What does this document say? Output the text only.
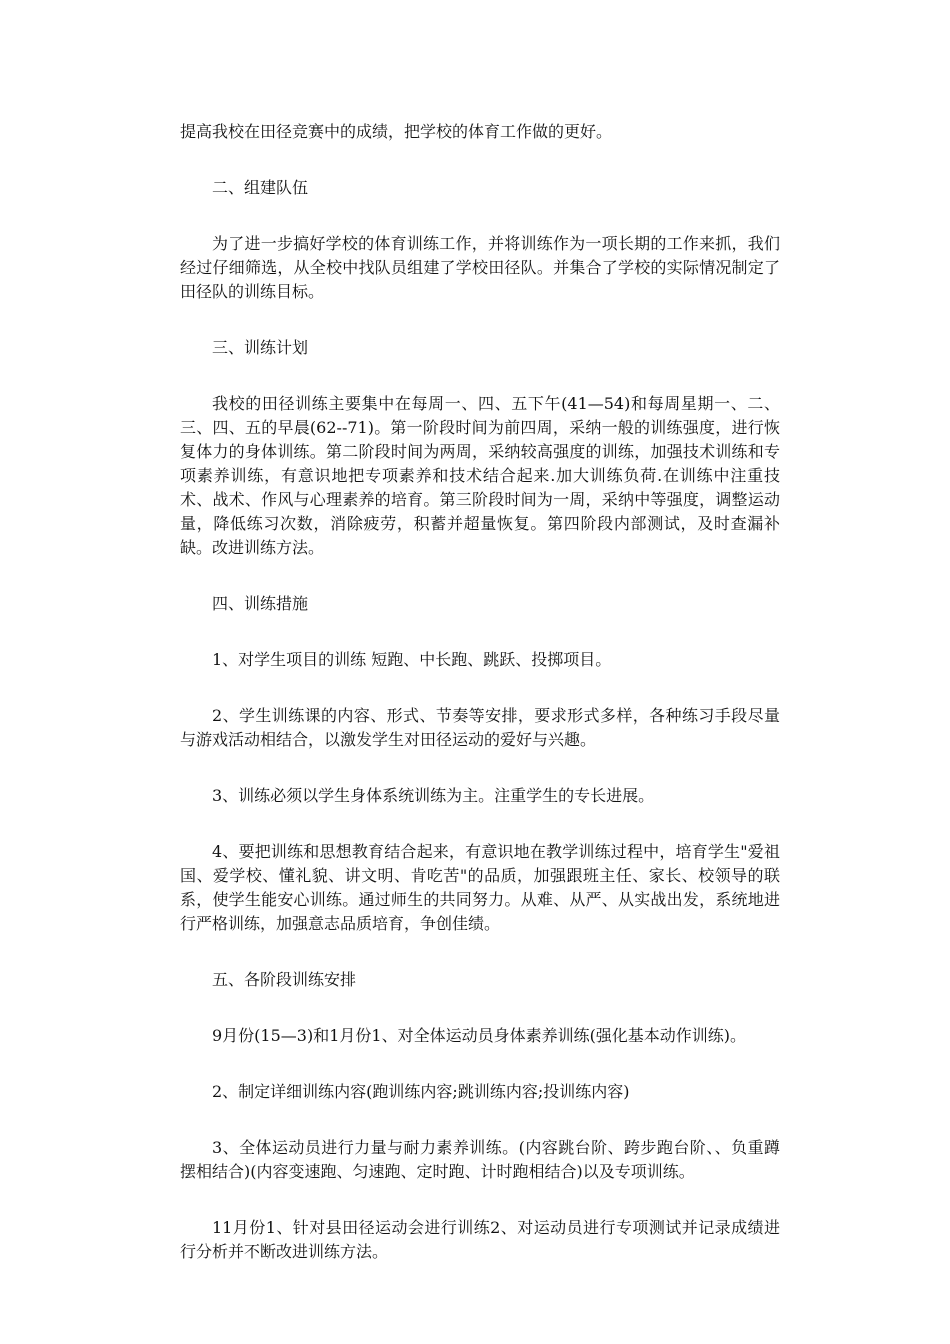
提高我校在田径竞赛中的成绩，把学校的体育工作做的更好。

二、组建队伍

为了进一步搞好学校的体育训练工作，并将训练作为一项长期的工作来抓，我们经过仔细筛选，从全校中找队员组建了学校田径队。并集合了学校的实际情况制定了田径队的训练目标。

三、训练计划

我校的田径训练主要集中在每周一、四、五下午(41—54)和每周星期一、二、三、四、五的早晨(62--71)。第一阶段时间为前四周，采纳一般的训练强度，进行恢复体力的身体训练。第二阶段时间为两周，采纳较高强度的训练，加强技术训练和专项素养训练，有意识地把专项素养和技术结合起来.加大训练负荷.在训练中注重技术、战术、作风与心理素养的培育。第三阶段时间为一周，采纳中等强度，调整运动量，降低练习次数，消除疲劳，积蓄并超量恢复。第四阶段内部测试，及时查漏补缺。改进训练方法。

四、训练措施

1、对学生项目的训练 短跑、中长跑、跳跃、投掷项目。

2、学生训练课的内容、形式、节奏等安排，要求形式多样，各种练习手段尽量与游戏活动相结合，以激发学生对田径运动的爱好与兴趣。

3、训练必须以学生身体系统训练为主。注重学生的专长进展。

4、要把训练和思想教育结合起来，有意识地在教学训练过程中，培育学生"爱祖国、爱学校、懂礼貌、讲文明、肯吃苦"的品质，加强跟班主任、家长、校领导的联系，使学生能安心训练。通过师生的共同努力。从难、从严、从实战出发，系统地进行严格训练，加强意志品质培育，争创佳绩。

五、各阶段训练安排

9月份(15—3)和1月份1、对全体运动员身体素养训练(强化基本动作训练)。

2、制定详细训练内容(跑训练内容;跳训练内容;投训练内容)

3、全体运动员进行力量与耐力素养训练。(内容跳台阶、跨步跑台阶、、负重蹲摆相结合)(内容变速跑、匀速跑、定时跑、计时跑相结合)以及专项训练。

11月份1、针对县田径运动会进行训练2、对运动员进行专项测试并记录成绩进行分析并不断改进训练方法。
